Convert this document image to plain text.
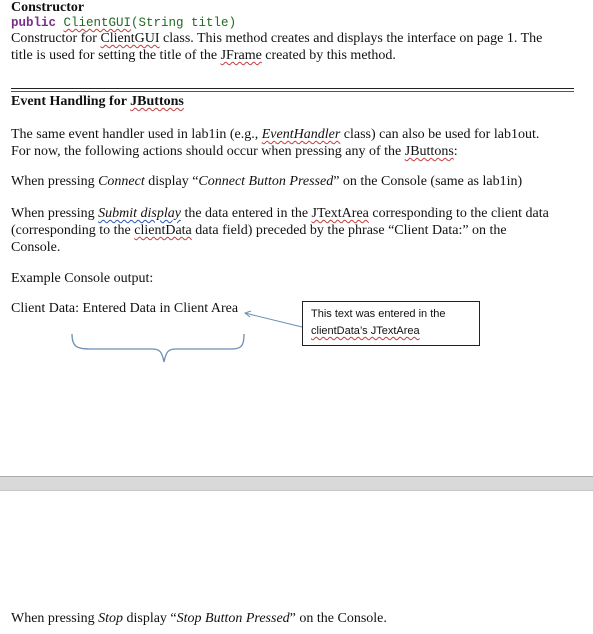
Constructor
public ClientGUI(String title)
Constructor for ClientGUI class. This method creates and displays the interface on page 1. The
title is used for setting the title of the JFrame created by this method.
Event Handling for JButtons
The same event handler used in lab1in (e.g., EventHandler class) can also be used for lab1out.
For now, the following actions should occur when pressing any of the JButtons:
When pressing Connect display “Connect Button Pressed” on the Console (same as lab1in)
When pressing Submit display the data entered in the JTextArea corresponding to the client data
(corresponding to the clientData data field) preceded by the phrase “Client Data:” on the
Console.
Example Console output:
Client Data: Entered Data in Client Area	This text was entered in the
clientData’s JTextArea
When pressing Stop display “Stop Button Pressed” on the Console.
